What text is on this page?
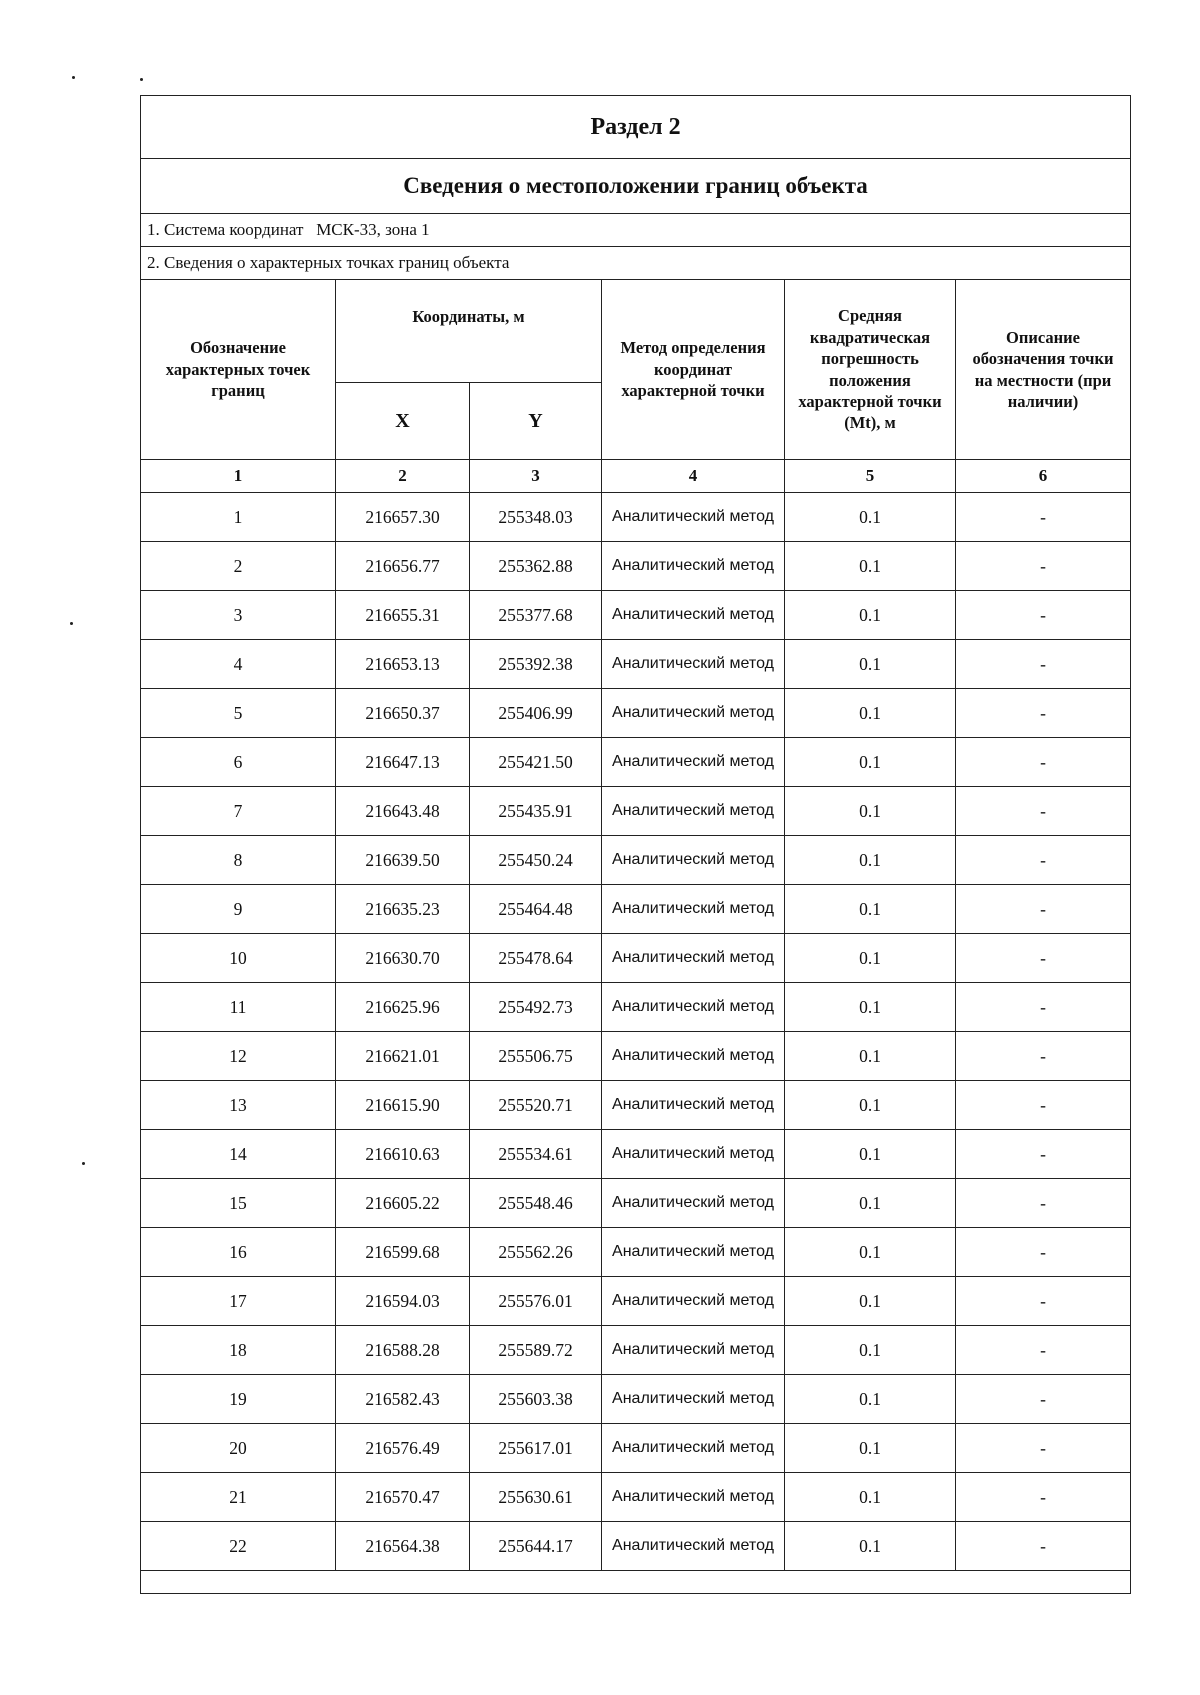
Раздел 2					
Сведения о местоположении границ объекта					
1. Система координат   МСК-33, зона 1					
2. Сведения о характерных точках границ объекта					
Обозначение характерных точек границ	Координаты, м		Метод определения координат характерной точки	Средняя квадратическая погрешность положения характерной точки (Mt), м	Описание обозначения точки на местности (при наличии)
	X	Y			
1	2	3	4	5	6
1	216657.30	255348.03	Аналитический метод	0.1	-
2	216656.77	255362.88	Аналитический метод	0.1	-
3	216655.31	255377.68	Аналитический метод	0.1	-
4	216653.13	255392.38	Аналитический метод	0.1	-
5	216650.37	255406.99	Аналитический метод	0.1	-
6	216647.13	255421.50	Аналитический метод	0.1	-
7	216643.48	255435.91	Аналитический метод	0.1	-
8	216639.50	255450.24	Аналитический метод	0.1	-
9	216635.23	255464.48	Аналитический метод	0.1	-
10	216630.70	255478.64	Аналитический метод	0.1	-
11	216625.96	255492.73	Аналитический метод	0.1	-
12	216621.01	255506.75	Аналитический метод	0.1	-
13	216615.90	255520.71	Аналитический метод	0.1	-
14	216610.63	255534.61	Аналитический метод	0.1	-
15	216605.22	255548.46	Аналитический метод	0.1	-
16	216599.68	255562.26	Аналитический метод	0.1	-
17	216594.03	255576.01	Аналитический метод	0.1	-
18	216588.28	255589.72	Аналитический метод	0.1	-
19	216582.43	255603.38	Аналитический метод	0.1	-
20	216576.49	255617.01	Аналитический метод	0.1	-
21	216570.47	255630.61	Аналитический метод	0.1	-
22	216564.38	255644.17	Аналитический метод	0.1	-
